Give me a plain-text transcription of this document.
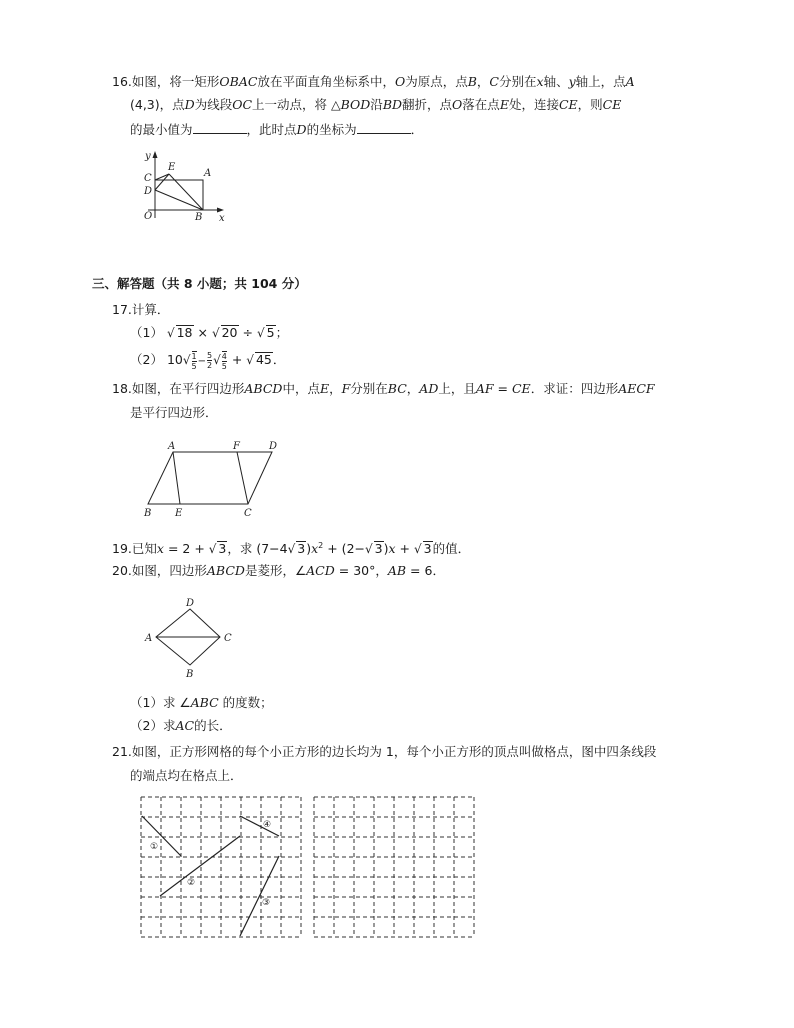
16.如图，将一矩形OBAC放在平面直角坐标系中，O为原点，点B，C分别在x轴、y轴上，点A
(4,3)，点D为线段OC上一动点，将 △BOD沿BD翻折，点O落在点E处，连接CE，则CE
的最小值为	，此时点D的坐标为	．
y
x
O	B
A
C
D
E
三、解答题（共 8 小题；共 104 分）
17.计算．
（1） √ 18 × √ 20 ÷ √ 5；
（2） $10√ \frac{1}{5} - \frac{5}{2}$ √ $\frac{4}{5}$ + √ 45．
18.如图，在平行四边形ABCD中，点E，F分别在BC，AD上，且AF = CE．求证：四边形AECF
是平行四边形．
A	F	D
B E	C
19.已知x = 2 + √ 3，求 (7−4√ $3)x^2 + (2-√$ 3)x + √ 3的值．
20.如图，四边形ABCD是菱形，∠ACD = 30°，AB = 6．
D
A	C
B
（1）求 ∠ABC 的度数；
（2）求AC的长．
21.如图，正方形网格的每个小正方形的边长均为 1，每个小正方形的顶点叫做格点，图中四条线段
的端点均在格点上．
①
②
③
④
